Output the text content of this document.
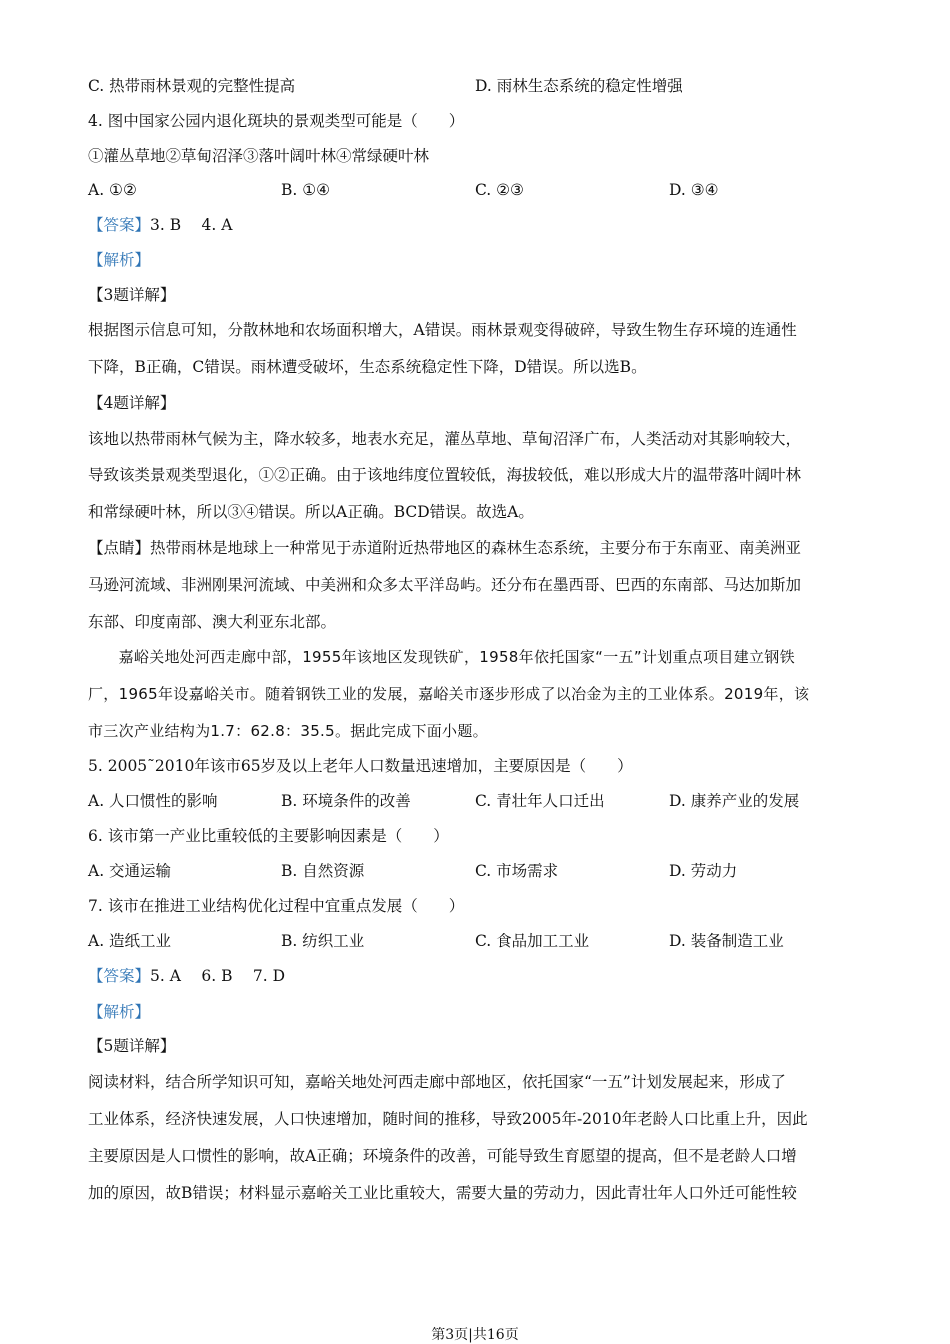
C. 热带雨林景观的完整性提高	D. 雨林生态系统的稳定性增强
4. 图中国家公园内退化斑块的景观类型可能是（　　）
①灌丛草地②草甸沼泽③落叶阔叶林④常绿硬叶林
A. ①②	B. ①④	C. ②③	D. ③④
【答案】3. B　 4. A
【解析】
【3题详解】
根据图示信息可知，分散林地和农场面积增大，A错误。雨林景观变得破碎，导致生物生存环境的连通性
下降，B正确，C错误。雨林遭受破坏，生态系统稳定性下降，D错误。所以选B。
【4题详解】
该地以热带雨林气候为主，降水较多，地表水充足，灌丛草地、草甸沼泽广布，人类活动对其影响较大，
导致该类景观类型退化，①②正确。由于该地纬度位置较低，海拔较低，难以形成大片的温带落叶阔叶林
和常绿硬叶林，所以③④错误。所以A正确。BCD错误。故选A。
【点睛】热带雨林是地球上一种常见于赤道附近热带地区的森林生态系统，主要分布于东南亚、南美洲亚
马逊河流域、非洲刚果河流域、中美洲和众多太平洋岛屿。还分布在墨西哥、巴西的东南部、马达加斯加
东部、印度南部、澳大利亚东北部。
　　嘉峪关地处河西走廊中部，1955年该地区发现铁矿，1958年依托国家“一五”计划重点项目建立钢铁
厂，1965年设嘉峪关市。随着钢铁工业的发展，嘉峪关市逐步形成了以冶金为主的工业体系。2019年，该
市三次产业结构为1.7：62.8：35.5。据此完成下面小题。
5. 2005˜2010年该市65岁及以上老年人口数量迅速增加，主要原因是（　　）
A. 人口惯性的影响	B. 环境条件的改善	C. 青壮年人口迁出	D. 康养产业的发展
6. 该市第一产业比重较低的主要影响因素是（　　）
A. 交通运输	B. 自然资源	C. 市场需求	D. 劳动力
7. 该市在推进工业结构优化过程中宜重点发展（　　）
A. 造纸工业	B. 纺织工业	C. 食品加工工业	D. 装备制造工业
【答案】5. A　 6. B　 7. D
【解析】
【5题详解】
阅读材料，结合所学知识可知，嘉峪关地处河西走廊中部地区，依托国家“一五”计划发展起来，形成了
工业体系，经济快速发展，人口快速增加，随时间的推移，导致2005年-2010年老龄人口比重上升，因此
主要原因是人口惯性的影响，故A正确；环境条件的改善，可能导致生育愿望的提高，但不是老龄人口增
加的原因，故B错误；材料显示嘉峪关工业比重较大，需要大量的劳动力，因此青壮年人口外迁可能性较
第3页|共16页
